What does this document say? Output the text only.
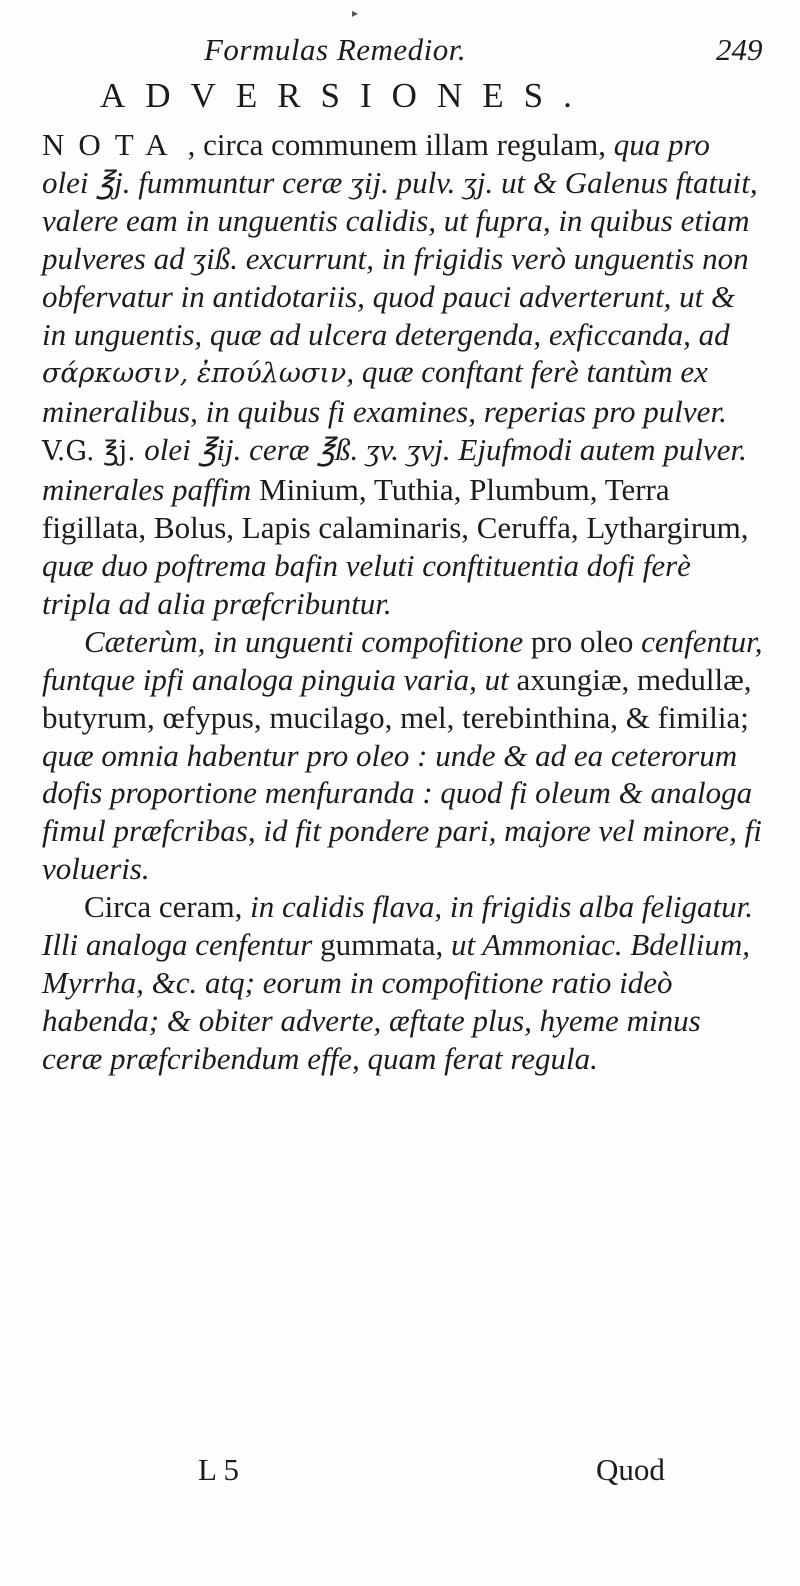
▸
Formulas Remedior.	249
ADVERSIONES.

NOTA , circa communem illam regulam, qua pro olei ℥j. fummuntur ceræ ʒij. pulv. ʒj. ut & Galenus ftatuit, valere eam in unguentis calidis, ut fupra, in quibus etiam pulveres ad ʒiß. excurrunt, in frigidis verò unguentis non obfervatur in antidotariis, quod pauci adverterunt, ut & in unguentis, quæ ad ulcera detergenda, exficcanda, ad σάρκωσιν, ἐπούλωσιν, quæ conftant ferè tantùm ex mineralibus, in quibus fi examines, reperias pro pulver. V.G. ℥j. olei ℥ij. ceræ ℥ß. ʒv. ʒvj. Ejufmodi autem pulver. minerales paffim Minium, Tuthia, Plumbum, Terra figillata, Bolus, Lapis calaminaris, Ceruffa, Lythargirum, quæ duo poftrema bafin veluti conftituentia dofi ferè tripla ad alia præfcribuntur.

Cæterùm, in unguenti compofitione pro oleo cenfentur, funtque ipfi analoga pinguia varia, ut axungiæ, medullæ, butyrum, œfypus, mucilago, mel, terebinthina, & fimilia; quæ omnia habentur pro oleo : unde & ad ea ceterorum dofis proportione menfuranda : quod fi oleum & analoga fimul præfcribas, id fit pondere pari, majore vel minore, fi volueris.

Circa ceram, in calidis flava, in frigidis alba feligatur. Illi analoga cenfentur gummata, ut Ammoniac. Bdellium, Myrrha, &c. atq; eorum in compofitione ratio ideò habenda; & obiter adverte, æftate plus, hyeme minus ceræ præfcribendum effe, quam ferat regula.

L 5	Quod
